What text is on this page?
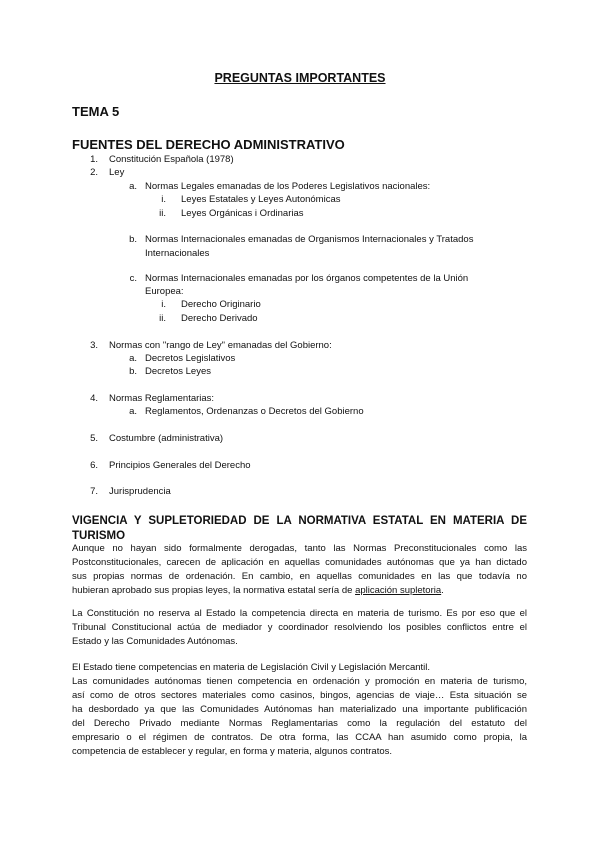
PREGUNTAS IMPORTANTES
TEMA 5
FUENTES DEL DERECHO ADMINISTRATIVO
1. Constitución Española (1978)
2. Ley
a. Normas Legales emanadas de los Poderes Legislativos nacionales:
i. Leyes Estatales y Leyes Autonómicas
ii. Leyes Orgánicas i Ordinarias
b. Normas Internacionales emanadas de Organismos Internacionales y Tratados
Internacionales
c. Normas Internacionales emanadas por los órganos competentes de la Unión
Europea:
i. Derecho Originario
ii. Derecho Derivado
3. Normas con "rango de Ley" emanadas del Gobierno:
a. Decretos Legislativos
b. Decretos Leyes
4. Normas Reglamentarias:
a. Reglamentos, Ordenanzas o Decretos del Gobierno
5. Costumbre (administrativa)
6. Principios Generales del Derecho
7. Jurisprudencia
VIGENCIA Y SUPLETORIEDAD DE LA NORMATIVA ESTATAL EN MATERIA DE
TURISMO
Aunque no hayan sido formalmente derogadas, tanto las Normas Preconstitucionales como las
Postconstitucionales, carecen de aplicación en aquellas comunidades autónomas que ya han dictado
sus propias normas de ordenación. En cambio, en aquellas comunidades en las que todavía no
hubieran aprobado sus propias leyes, la normativa estatal sería de aplicación supletoria.
La Constitución no reserva al Estado la competencia directa en materia de turismo. Es por eso que el
Tribunal Constitucional actúa de mediador y coordinador resolviendo los posibles conflictos entre el
Estado y las Comunidades Autónomas.
El Estado tiene competencias en materia de Legislación Civil y Legislación Mercantil.
Las comunidades autónomas tienen competencia en ordenación y promoción en materia de turismo,
así como de otros sectores materiales como casinos, bingos, agencias de viaje… Esta situación se
ha desbordado ya que las Comunidades Autónomas han materializado una importante publificación
del Derecho Privado mediante Normas Reglamentarias como la regulación del estatuto del
empresario o el régimen de contratos. De otra forma, las CCAA han asumido como propia, la
competencia de establecer y regular, en forma y materia, algunos contratos.
